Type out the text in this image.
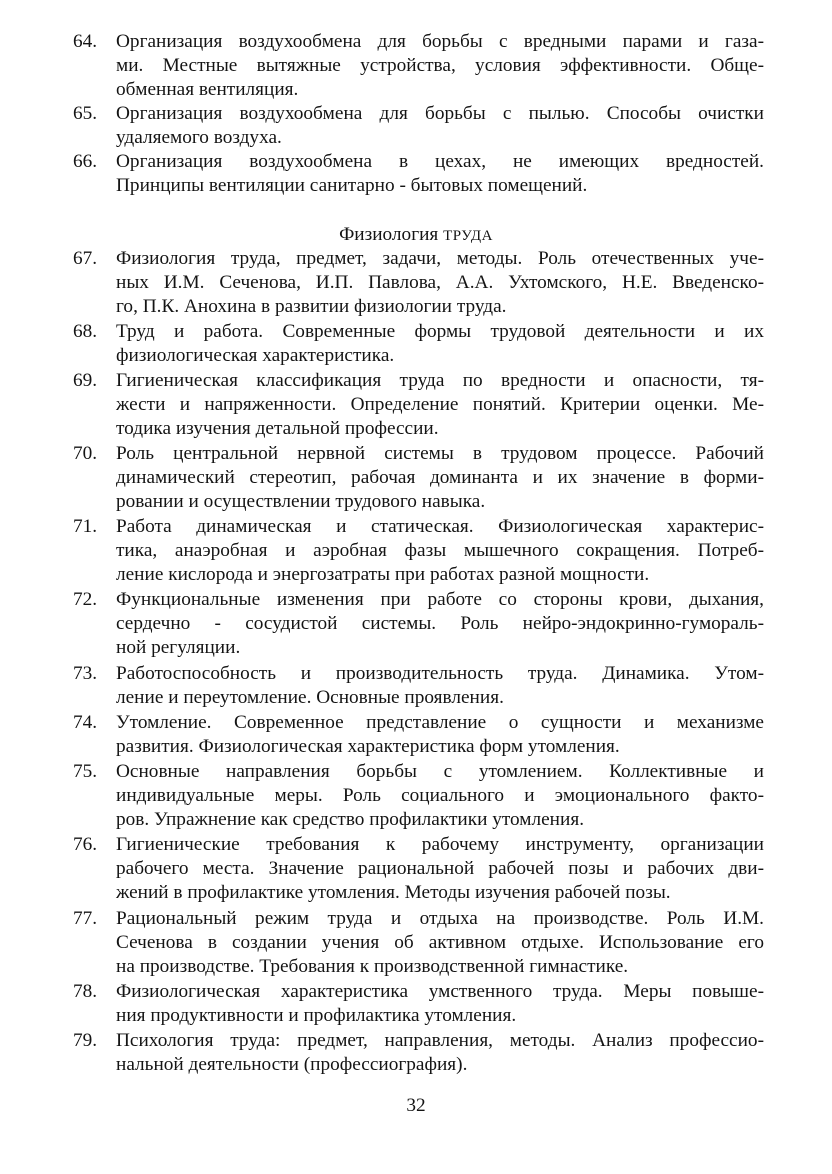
64. Организация воздухообмена для борьбы с вредными парами и газа-
ми. Местные вытяжные устройства, условия эффективности. Обще-
обменная вентиляция.
65. Организация воздухообмена для борьбы с пылью. Способы очистки
удаляемого воздуха.
66. Организация воздухообмена в цехах, не имеющих вредностей.
Принципы вентиляции санитарно - бытовых помещений.
Физиология ТРУДА
67. Физиология труда, предмет, задачи, методы. Роль отечественных уче-
ных И.М. Сеченова, И.П. Павлова, А.А. Ухтомского, Н.Е. Введенско-
го, П.К. Анохина в развитии физиологии труда.
68. Труд и работа. Современные формы трудовой деятельности и их
физиологическая характеристика.
69. Гигиеническая классификация труда по вредности и опасности, тя-
жести и напряженности. Определение понятий. Критерии оценки. Ме-
тодика изучения детальной профессии.
70. Роль центральной нервной системы в трудовом процессе. Рабочий
динамический стереотип, рабочая доминанта и их значение в форми-
ровании и осуществлении трудового навыка.
71. Работа динамическая и статическая. Физиологическая характерис-
тика, анаэробная и аэробная фазы мышечного сокращения. Потреб-
ление кислорода и энергозатраты при работах разной мощности.
72. Функциональные изменения при работе со стороны крови, дыхания,
сердечно - сосудистой системы. Роль нейро-эндокринно-гумораль-
ной регуляции.
73. Работоспособность и производительность труда. Динамика. Утом-
ление и переутомление. Основные проявления.
74. Утомление. Современное представление о сущности и механизме
развития. Физиологическая характеристика форм утомления.
75. Основные направления борьбы с утомлением. Коллективные и
индивидуальные меры. Роль социального и эмоционального факто-
ров. Упражнение как средство профилактики утомления.
76. Гигиенические требования к рабочему инструменту, организации
рабочего места. Значение рациональной рабочей позы и рабочих дви-
жений в профилактике утомления. Методы изучения рабочей позы.
77. Рациональный режим труда и отдыха на производстве. Роль И.М.
Сеченова в создании учения об активном отдыхе. Использование его
на производстве. Требования к производственной гимнастике.
78. Физиологическая характеристика умственного труда. Меры повыше-
ния продуктивности и профилактика утомления.
79. Психология труда: предмет, направления, методы. Анализ профессио-
нальной деятельности (профессиография).
32
